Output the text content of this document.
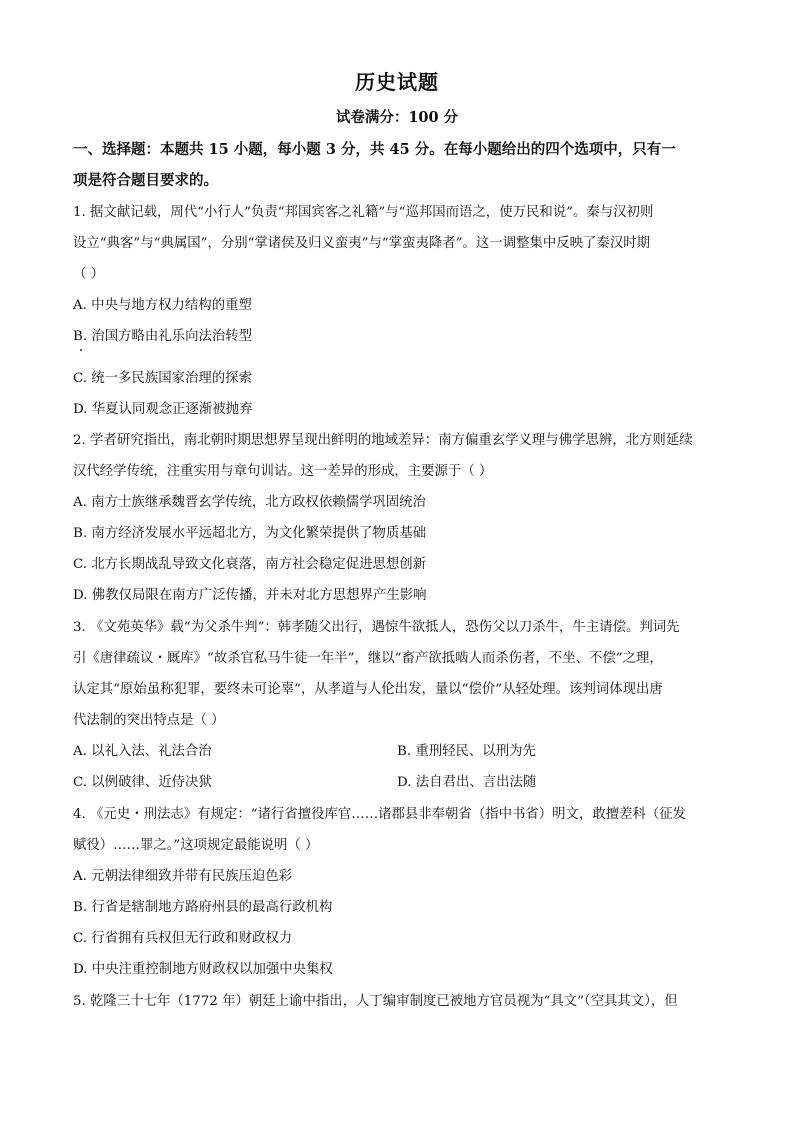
历史试题
试卷满分：100 分
一、选择题：本题共 15 小题，每小题 3 分，共 45 分。在每小题给出的四个选项中，只有一
项是符合题目要求的。
1. 据文献记载，周代“小行人”负责“邦国宾客之礼籍”与“巡邦国而语之，使万民和说”。秦与汉初则
设立“典客”与“典属国”，分别“掌诸侯及归义蛮夷”与“掌蛮夷降者”。这一调整集中反映了秦汉时期
（ ）
A. 中央与地方权力结构的重塑
B. 治国方略由礼乐向法治转型
C. 统一多民族国家治理的探索
D. 华夏认同观念正逐渐被抛弃
2. 学者研究指出，南北朝时期思想界呈现出鲜明的地域差异：南方偏重玄学义理与佛学思辨，北方则延续
汉代经学传统，注重实用与章句训诂。这一差异的形成，主要源于（ ）
A. 南方士族继承魏晋玄学传统，北方政权依赖儒学巩固统治
B. 南方经济发展水平远超北方，为文化繁荣提供了物质基础
C. 北方长期战乱导致文化衰落，南方社会稳定促进思想创新
D. 佛教仅局限在南方广泛传播，并未对北方思想界产生影响
3. 《文苑英华》载“为父杀牛判”：韩孝随父出行，遇惊牛欲抵人，恐伤父以刀杀牛，牛主请偿。判词先
引《唐律疏议・厩库》“故杀官私马牛徒一年半”，继以“畜产欲抵啮人而杀伤者，不坐、不偿”之理，
认定其“原始虽称犯罪，要终未可论辜”，从孝道与人伦出发，量以“偿价”从轻处理。该判词体现出唐
代法制的突出特点是（ ）
A. 以礼入法、礼法合治	B. 重刑轻民、以刑为先
C. 以例破律、近侍决狱	D. 法自君出、言出法随
4. 《元史・刑法志》有规定：“诸行省擅役库官……诸郡县非奉朝省（指中书省）明文，敢擅差科（征发
赋役）……罪之。”这项规定最能说明（ ）
A. 元朝法律细致并带有民族压迫色彩
B. 行省是辖制地方路府州县的最高行政机构
C. 行省拥有兵权但无行政和财政权力
D. 中央注重控制地方财政权以加强中央集权
5. 乾隆三十七年（1772 年）朝廷上谕中指出，人丁编审制度已被地方官员视为“具文”（空具其文），但
